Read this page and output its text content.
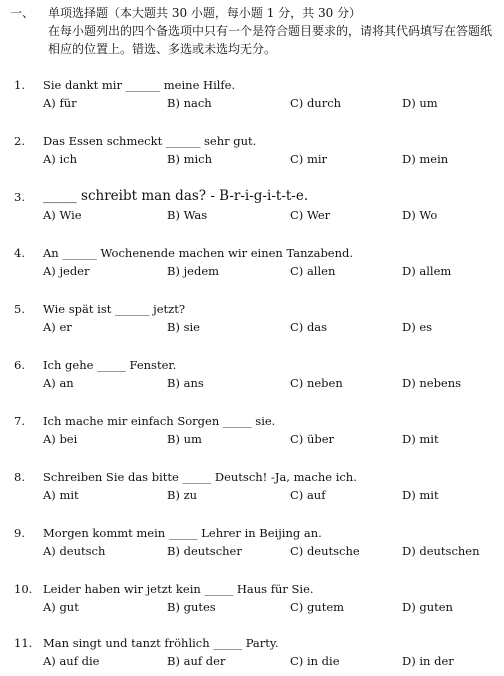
一、 单项选择题（本大题共 30 小题，每小题 1 分，共 30 分）
在每小题列出的四个备选项中只有一个是符合题目要求的，请将其代码填写在答题纸相应的位置上。错选、多选或未选均无分。
1.	Sie dankt mir ______ meine Hilfe.
A) für	B) nach	C) durch	D) um
2.	Das Essen schmeckt ______ sehr gut.
A) ich	B) mich	C) mir	D) mein
3.	_____ schreibt man das? - B-r-i-g-i-t-t-e.
A) Wie	B) Was	C) Wer	D) Wo
4.	An ______ Wochenende machen wir einen Tanzabend.
A) jeder	B) jedem	C) allen	D) allem
5.	Wie spät ist ______ jetzt?
A) er	B) sie	C) das	D) es
6.	Ich gehe _____ Fenster.
A) an	B) ans	C) neben	D) nebens
7.	Ich mache mir einfach Sorgen _____ sie.
A) bei	B) um	C) über	D) mit
8.	Schreiben Sie das bitte _____ Deutsch! -Ja, mache ich.
A) mit	B) zu	C) auf	D) mit
9.	Morgen kommt mein _____ Lehrer in Beijing an.
A) deutsch	B) deutscher	C) deutsche	D) deutschen
10. Leider haben wir jetzt kein _____ Haus für Sie.
A) gut	B) gutes	C) gutem	D) guten
11. Man singt und tanzt fröhlich _____ Party.
A) auf die	B) auf der	C) in die	D) in der
